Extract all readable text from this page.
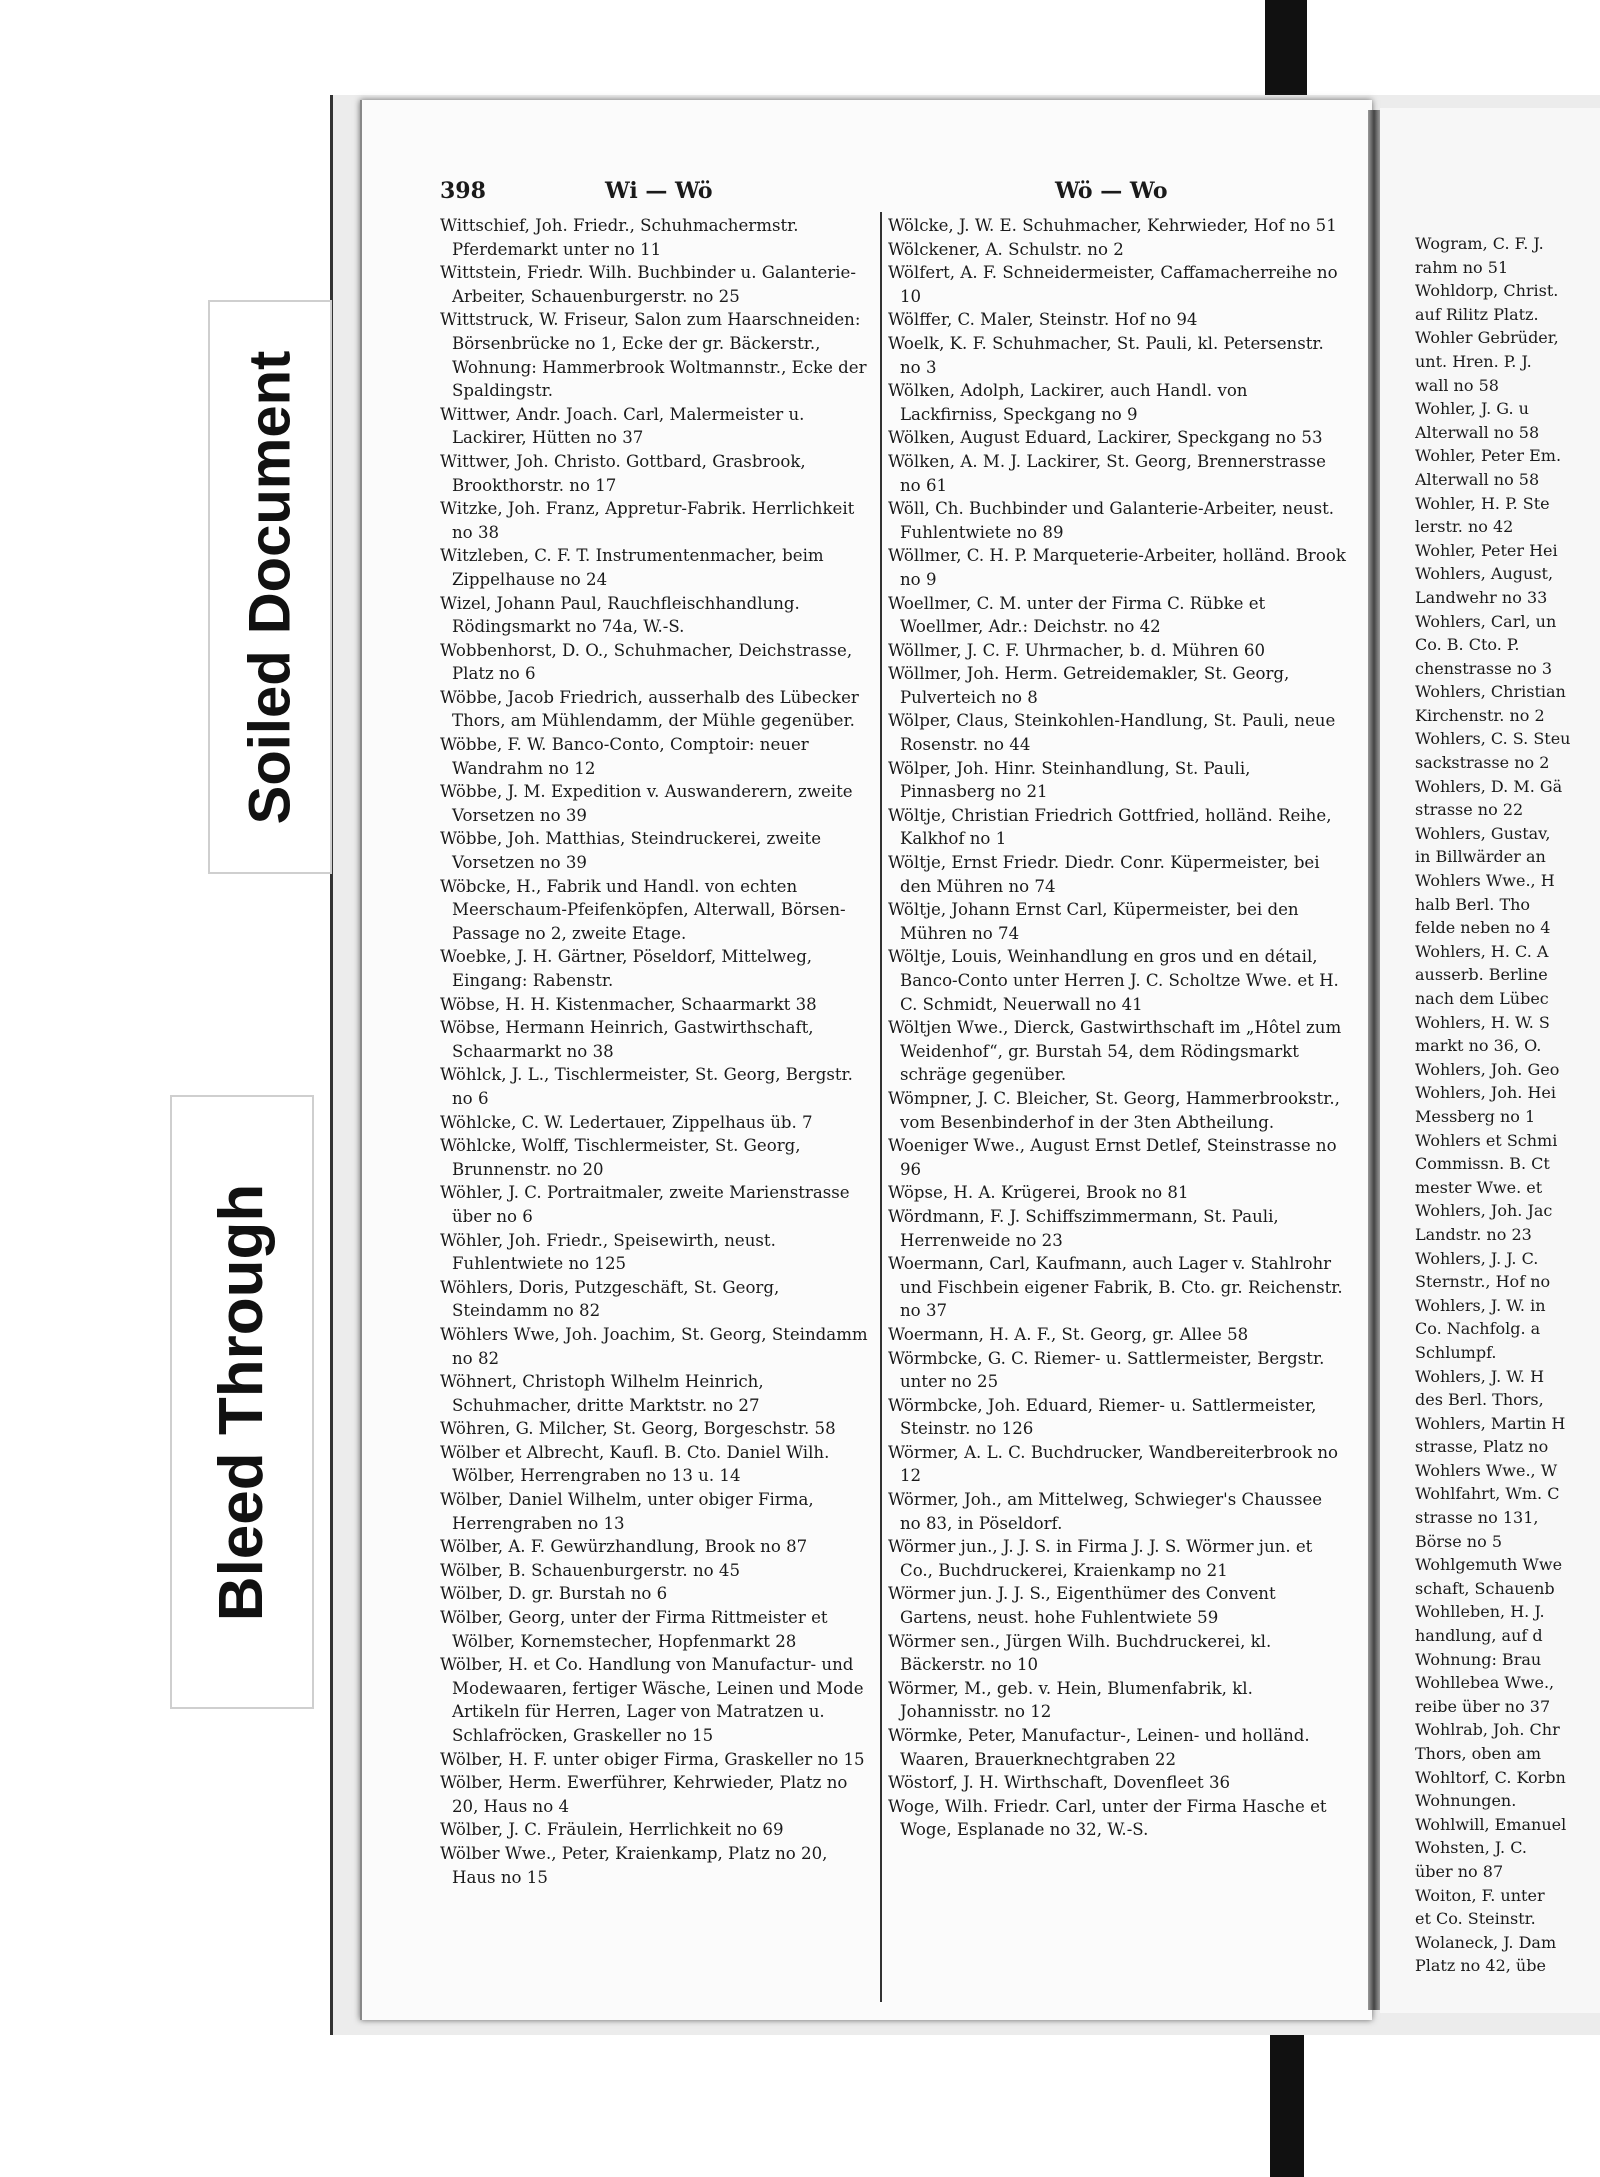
Soiled Document
Bleed Through
398	Wi — Wö	Wö — Wo

Wittschief, Joh. Friedr., Schuhmachermstr. Pferdemarkt unter no 11

Wittstein, Friedr. Wilh. Buchbinder u. Galanterie-Arbeiter, Schauenburgerstr. no 25

Wittstruck, W. Friseur, Salon zum Haarschneiden: Börsenbrücke no 1, Ecke der gr. Bäckerstr., Wohnung: Hammerbrook Woltmannstr., Ecke der Spaldingstr.

Wittwer, Andr. Joach. Carl, Malermeister u. Lackirer, Hütten no 37

Wittwer, Joh. Christo. Gottbard, Grasbrook, Brookthorstr. no 17

Witzke, Joh. Franz, Appretur-Fabrik. Herrlichkeit no 38

Witzleben, C. F. T. Instrumentenmacher, beim Zippelhause no 24

Wizel, Johann Paul, Rauchfleischhandlung. Rödingsmarkt no 74a, W.-S.

Wobbenhorst, D. O., Schuhmacher, Deichstrasse, Platz no 6

Wöbbe, Jacob Friedrich, ausserhalb des Lübecker Thors, am Mühlendamm, der Mühle gegenüber.

Wöbbe, F. W. Banco-Conto, Comptoir: neuer Wandrahm no 12

Wöbbe, J. M. Expedition v. Auswanderern, zweite Vorsetzen no 39

Wöbbe, Joh. Matthias, Steindruckerei, zweite Vorsetzen no 39

Wöbcke, H., Fabrik und Handl. von echten Meerschaum-Pfeifenköpfen, Alterwall, Börsen-Passage no 2, zweite Etage.

Woebke, J. H. Gärtner, Pöseldorf, Mittelweg, Eingang: Rabenstr.

Wöbse, H. H. Kistenmacher, Schaarmarkt 38

Wöbse, Hermann Heinrich, Gastwirthschaft, Schaarmarkt no 38

Wöhlck, J. L., Tischlermeister, St. Georg, Bergstr. no 6

Wöhlcke, C. W. Ledertauer, Zippelhaus üb. 7

Wöhlcke, Wolff, Tischlermeister, St. Georg, Brunnenstr. no 20

Wöhler, J. C. Portraitmaler, zweite Marienstrasse über no 6

Wöhler, Joh. Friedr., Speisewirth, neust. Fuhlentwiete no 125

Wöhlers, Doris, Putzgeschäft, St. Georg, Steindamm no 82

Wöhlers Wwe, Joh. Joachim, St. Georg, Steindamm no 82

Wöhnert, Christoph Wilhelm Heinrich, Schuhmacher, dritte Marktstr. no 27

Wöhren, G. Milcher, St. Georg, Borgeschstr. 58

Wölber et Albrecht, Kaufl. B. Cto. Daniel Wilh. Wölber, Herrengraben no 13 u. 14

Wölber, Daniel Wilhelm, unter obiger Firma, Herrengraben no 13

Wölber, A. F. Gewürzhandlung, Brook no 87

Wölber, B. Schauenburgerstr. no 45

Wölber, D. gr. Burstah no 6

Wölber, Georg, unter der Firma Rittmeister et Wölber, Kornemstecher, Hopfenmarkt 28

Wölber, H. et Co. Handlung von Manufactur- und Modewaaren, fertiger Wäsche, Leinen und Mode Artikeln für Herren, Lager von Matratzen u. Schlafröcken, Graskeller no 15

Wölber, H. F. unter obiger Firma, Graskeller no 15

Wölber, Herm. Ewerführer, Kehrwieder, Platz no 20, Haus no 4

Wölber, J. C. Fräulein, Herrlichkeit no 69

Wölber Wwe., Peter, Kraienkamp, Platz no 20, Haus no 15

Wölcke, J. W. E. Schuhmacher, Kehrwieder, Hof no 51

Wölckener, A. Schulstr. no 2

Wölfert, A. F. Schneidermeister, Caffamacherreihe no 10

Wölffer, C. Maler, Steinstr. Hof no 94

Woelk, K. F. Schuhmacher, St. Pauli, kl. Petersenstr. no 3

Wölken, Adolph, Lackirer, auch Handl. von Lackfirniss, Speckgang no 9

Wölken, August Eduard, Lackirer, Speckgang no 53

Wölken, A. M. J. Lackirer, St. Georg, Brennerstrasse no 61

Wöll, Ch. Buchbinder und Galanterie-Arbeiter, neust. Fuhlentwiete no 89

Wöllmer, C. H. P. Marqueterie-Arbeiter, holländ. Brook no 9

Woellmer, C. M. unter der Firma C. Rübke et Woellmer, Adr.: Deichstr. no 42

Wöllmer, J. C. F. Uhrmacher, b. d. Mühren 60

Wöllmer, Joh. Herm. Getreidemakler, St. Georg, Pulverteich no 8

Wölper, Claus, Steinkohlen-Handlung, St. Pauli, neue Rosenstr. no 44

Wölper, Joh. Hinr. Steinhandlung, St. Pauli, Pinnasberg no 21

Wöltje, Christian Friedrich Gottfried, holländ. Reihe, Kalkhof no 1

Wöltje, Ernst Friedr. Diedr. Conr. Küpermeister, bei den Mühren no 74

Wöltje, Johann Ernst Carl, Küpermeister, bei den Mühren no 74

Wöltje, Louis, Weinhandlung en gros und en détail, Banco-Conto unter Herren J. C. Scholtze Wwe. et H. C. Schmidt, Neuerwall no 41

Wöltjen Wwe., Dierck, Gastwirthschaft im „Hôtel zum Weidenhof“, gr. Burstah 54, dem Rödingsmarkt schräge gegenüber.

Wömpner, J. C. Bleicher, St. Georg, Hammerbrookstr., vom Besenbinderhof in der 3ten Abtheilung.

Woeniger Wwe., August Ernst Detlef, Steinstrasse no 96

Wöpse, H. A. Krügerei, Brook no 81

Wördmann, F. J. Schiffszimmermann, St. Pauli, Herrenweide no 23

Woermann, Carl, Kaufmann, auch Lager v. Stahlrohr und Fischbein eigener Fabrik, B. Cto. gr. Reichenstr. no 37

Woermann, H. A. F., St. Georg, gr. Allee 58

Wörmbcke, G. C. Riemer- u. Sattlermeister, Bergstr. unter no 25

Wörmbcke, Joh. Eduard, Riemer- u. Sattlermeister, Steinstr. no 126

Wörmer, A. L. C. Buchdrucker, Wandbereiterbrook no 12

Wörmer, Joh., am Mittelweg, Schwieger's Chaussee no 83, in Pöseldorf.

Wörmer jun., J. J. S. in Firma J. J. S. Wörmer jun. et Co., Buchdruckerei, Kraienkamp no 21

Wörmer jun. J. J. S., Eigenthümer des Convent Gartens, neust. hohe Fuhlentwiete 59

Wörmer sen., Jürgen Wilh. Buchdruckerei, kl. Bäckerstr. no 10

Wörmer, M., geb. v. Hein, Blumenfabrik, kl. Johannisstr. no 12

Wörmke, Peter, Manufactur-, Leinen- und holländ. Waaren, Brauerknechtgraben 22

Wöstorf, J. H. Wirthschaft, Dovenfleet 36

Woge, Wilh. Friedr. Carl, unter der Firma Hasche et Woge, Esplanade no 32, W.-S.

Wogram, C. F. J.

rahm no 51

Wohldorp, Christ.

auf Rilitz Platz.

Wohler Gebrüder,

unt. Hren. P. J.

wall no 58

Wohler, J. G. u

Alterwall no 58

Wohler, Peter Em.

Alterwall no 58

Wohler, H. P. Ste

lerstr. no 42

Wohler, Peter Hei

Wohlers, August,

Landwehr no 33

Wohlers, Carl, un

Co. B. Cto. P.

chenstrasse no 3

Wohlers, Christian

Kirchenstr. no 2

Wohlers, C. S. Steu

sackstrasse no 2

Wohlers, D. M. Gä

strasse no 22

Wohlers, Gustav,

in Billwärder an

Wohlers Wwe., H

halb Berl. Tho

felde neben no 4

Wohlers, H. C. A

ausserb. Berline

nach dem Lübec

Wohlers, H. W. S

markt no 36, O.

Wohlers, Joh. Geo

Wohlers, Joh. Hei

Messberg no 1

Wohlers et Schmi

Commissn. B. Ct

mester Wwe. et

Wohlers, Joh. Jac

Landstr. no 23

Wohlers, J. J. C.

Sternstr., Hof no

Wohlers, J. W. in

Co. Nachfolg. a

Schlumpf.

Wohlers, J. W. H

des Berl. Thors,

Wohlers, Martin H

strasse, Platz no

Wohlers Wwe., W

Wohlfahrt, Wm. C

strasse no 131,

Börse no 5

Wohlgemuth Wwe

schaft, Schauenb

Wohlleben, H. J.

handlung, auf d

Wohnung: Brau

Wohllebea Wwe.,

reibe über no 37

Wohlrab, Joh. Chr

Thors, oben am

Wohltorf, C. Korbn

Wohnungen.

Wohlwill, Emanuel

Wohsten, J. C.

über no 87

Woiton, F. unter

et Co. Steinstr.

Wolaneck, J. Dam

Platz no 42, übe
